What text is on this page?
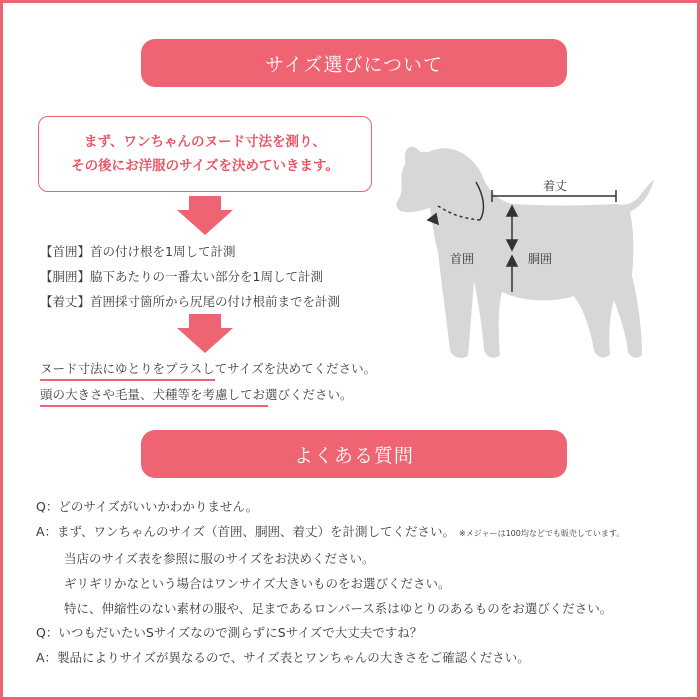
サイズ選びについて
まず、ワンちゃんのヌード寸法を測り、
その後にお洋服のサイズを決めていきます。
【首囲】首の付け根を1周して計測
【胴囲】脇下あたりの一番太い部分を1周して計測
【着丈】首囲採寸箇所から尻尾の付け根前までを計測
ヌード寸法にゆとりをプラスしてサイズを決めてください。
頭の大きさや毛量、犬種等を考慮してお選びください。
着丈
首囲	胴囲
よくある質問
Q：どのサイズがいいかわかりません。
A：まず、ワンちゃんのサイズ（首囲、胴囲、着丈）を計測してください。 ※メジャーは100均などでも販売しています。
当店のサイズ表を参照に服のサイズをお決めください。
ギリギリかなという場合はワンサイズ大きいものをお選びください。
特に、伸縮性のない素材の服や、足まであるロンパース系はゆとりのあるものをお選びください。
Q：いつもだいたいSサイズなので測らずにSサイズで大丈夫ですね？
A：製品によりサイズが異なるので、サイズ表とワンちゃんの大きさをご確認ください。
